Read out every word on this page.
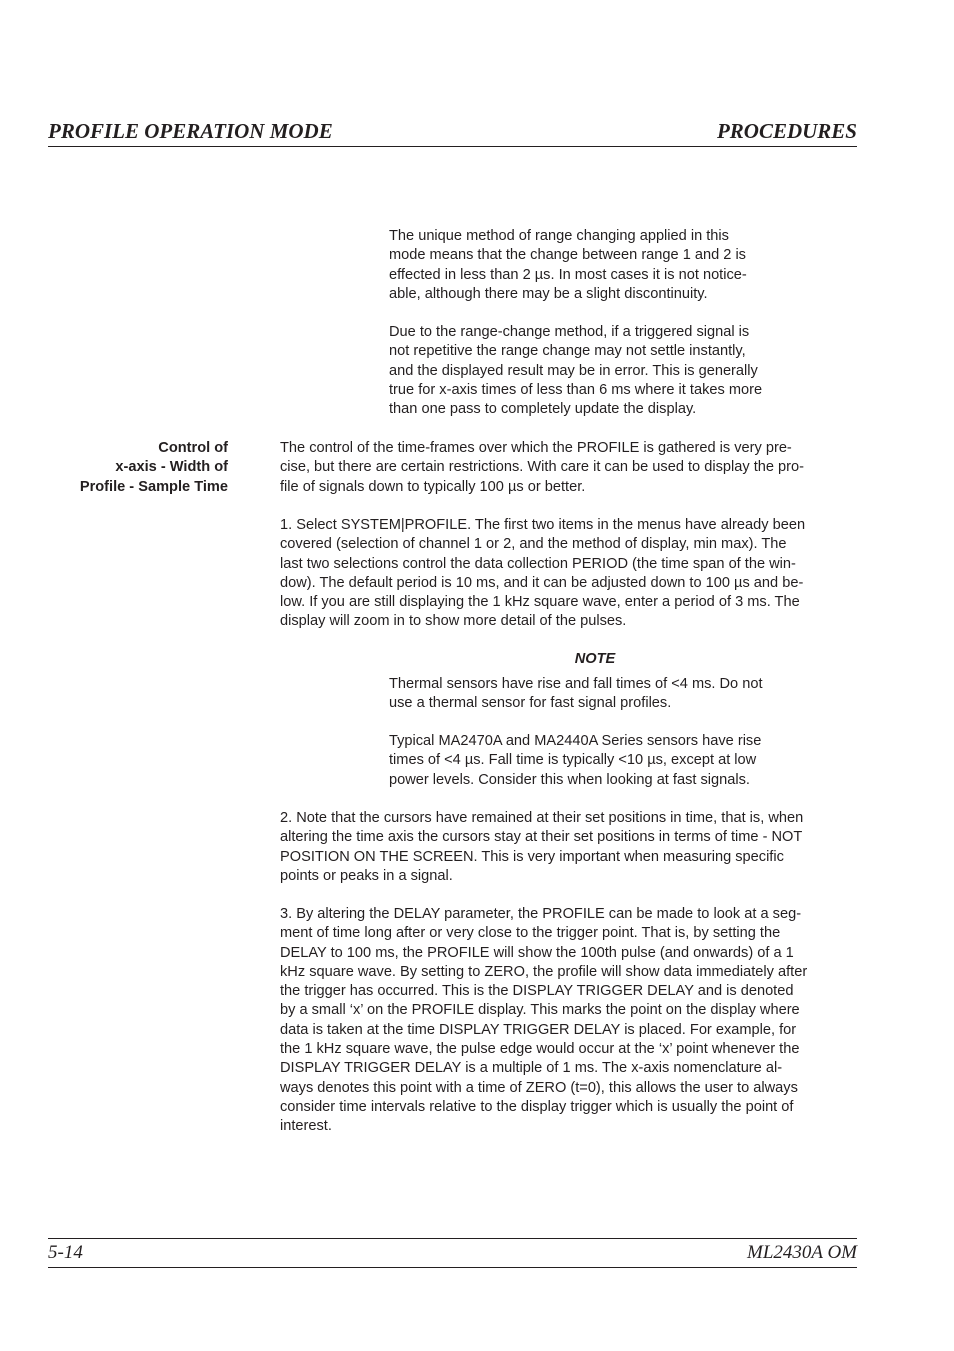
PROFILE OPERATION MODE	PROCEDURES
The unique method of range changing applied in this
mode means that the change between range 1 and 2 is
effected in less than 2 µs. In most cases it is not notice-
able, although there may be a slight discontinuity.
Due to the range-change method, if a triggered signal is
not repetitive the range change may not settle instantly,
and the displayed result may be in error. This is generally
true for x-axis times of less than 6 ms where it takes more
than one pass to completely update the display.
Control of
x-axis - Width of
Profile - Sample Time
The control of the time-frames over which the PROFILE is gathered is very pre-
cise, but there are certain restrictions. With care it can be used to display the pro-
file of signals down to typically 100 µs or better.
1. Select SYSTEM|PROFILE. The first two items in the menus have already been
covered (selection of channel 1 or 2, and the method of display, min max). The
last two selections control the data collection PERIOD (the time span of the win-
dow). The default period is 10 ms, and it can be adjusted down to 100 µs and be-
low. If you are still displaying the 1 kHz square wave, enter a period of 3 ms. The
display will zoom in to show more detail of the pulses.
NOTE
Thermal sensors have rise and fall times of <4 ms. Do not
use a thermal sensor for fast signal profiles.
Typical MA2470A and MA2440A Series sensors have rise
times of <4 µs. Fall time is typically <10 µs, except at low
power levels. Consider this when looking at fast signals.
2. Note that the cursors have remained at their set positions in time, that is, when
altering the time axis the cursors stay at their set positions in terms of time - NOT
POSITION ON THE SCREEN. This is very important when measuring specific
points or peaks in a signal.
3. By altering the DELAY parameter, the PROFILE can be made to look at a seg-
ment of time long after or very close to the trigger point. That is, by setting the
DELAY to 100 ms, the PROFILE will show the 100th pulse (and onwards) of a 1
kHz square wave. By setting to ZERO, the profile will show data immediately after
the trigger has occurred. This is the DISPLAY TRIGGER DELAY and is denoted
by a small ‘x’ on the PROFILE display. This marks the point on the display where
data is taken at the time DISPLAY TRIGGER DELAY is placed. For example, for
the 1 kHz square wave, the pulse edge would occur at the ‘x’ point whenever the
DISPLAY TRIGGER DELAY is a multiple of 1 ms. The x-axis nomenclature al-
ways denotes this point with a time of ZERO (t=0), this allows the user to always
consider time intervals relative to the display trigger which is usually the point of
interest.
5-14	ML2430A OM
